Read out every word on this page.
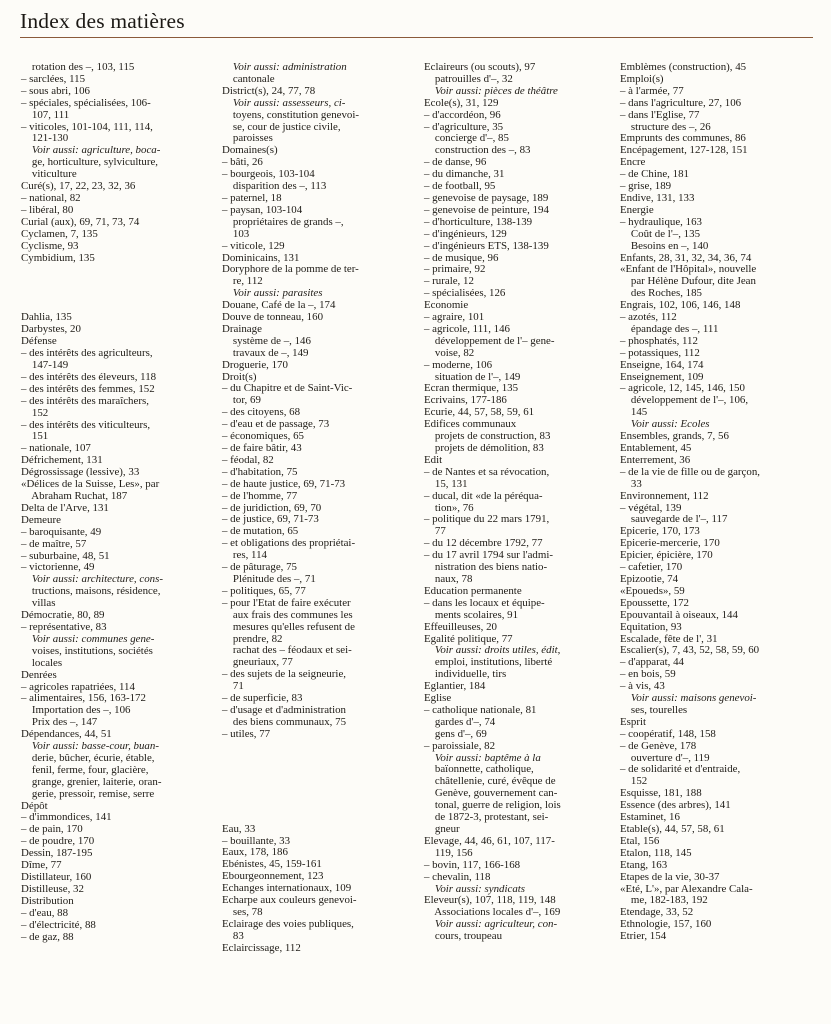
Index des matières
rotation des –, 103, 115
– sarclées, 115
– sous abri, 106
– spéciales, spécialisées, 106-
107, 111
– viticoles, 101-104, 111, 114,
121-130
Voir aussi: agriculture, boca-
ge, horticulture, sylviculture,
viticulture
Curé(s), 17, 22, 23, 32, 36
– national, 82
– libéral, 80
Curial (aux), 69, 71, 73, 74
Cyclamen, 7, 135
Cyclisme, 93
Cymbidium, 135
Dahlia, 135
Darbystes, 20
Défense
– des intérêts des agriculteurs,
147-149
– des intérêts des éleveurs, 118
– des intérêts des femmes, 152
– des intérêts des maraîchers,
152
– des intérêts des viticulteurs,
151
– nationale, 107
Défrichement, 131
Dégrossissage (lessive), 33
«Délices de la Suisse, Les», par
Abraham Ruchat, 187
Delta de l'Arve, 131
Demeure
– baroquisante, 49
– de maître, 57
– suburbaine, 48, 51
– victorienne, 49
Voir aussi: architecture, cons-
tructions, maisons, résidence,
villas
Démocratie, 80, 89
– représentative, 83
Voir aussi: communes gene-
voises, institutions, sociétés
locales
Denrées
– agricoles rapatriées, 114
– alimentaires, 156, 163-172
Importation des –, 106
Prix des –, 147
Dépendances, 44, 51
Voir aussi: basse-cour, buan-
derie, bûcher, écurie, étable,
fenil, ferme, four, glacière,
grange, grenier, laiterie, oran-
gerie, pressoir, remise, serre
Dépôt
– d'immondices, 141
– de pain, 170
– de poudre, 170
Dessin, 187-195
Dîme, 77
Distillateur, 160
Distilleuse, 32
Distribution
– d'eau, 88
– d'électricité, 88
– de gaz, 88
Voir aussi: administration
cantonale
District(s), 24, 77, 78
Voir aussi: assesseurs, ci-
toyens, constitution genevoi-
se, cour de justice civile,
paroisses
Domaines(s)
– bâti, 26
– bourgeois, 103-104
disparition des –, 113
– paternel, 18
– paysan, 103-104
propriétaires de grands –,
103
– viticole, 129
Dominicains, 131
Doryphore de la pomme de ter-
re, 112
Voir aussi: parasites
Douane, Café de la –, 174
Douve de tonneau, 160
Drainage
système de –, 146
travaux de –, 149
Droguerie, 170
Droit(s)
– du Chapitre et de Saint-Vic-
tor, 69
– des citoyens, 68
– d'eau et de passage, 73
– économiques, 65
– de faire bâtir, 43
– féodal, 82
– d'habitation, 75
– de haute justice, 69, 71-73
– de l'homme, 77
– de juridiction, 69, 70
– de justice, 69, 71-73
– de mutation, 65
– et obligations des propriétai-
res, 114
– de pâturage, 75
Plénitude des –, 71
– politiques, 65, 77
– pour l'Etat de faire exécuter
aux frais des communes les
mesures qu'elles refusent de
prendre, 82
rachat des – féodaux et sei-
gneuriaux, 77
– des sujets de la seigneurie,
71
– de superficie, 83
– d'usage et d'administration
des biens communaux, 75
– utiles, 77
Eau, 33
– bouillante, 33
Eaux, 178, 186
Ebénistes, 45, 159-161
Ebourgeonnement, 123
Echanges internationaux, 109
Echarpe aux couleurs genevoi-
ses, 78
Eclairage des voies publiques,
83
Eclaircissage, 112
Eclaireurs (ou scouts), 97
patrouilles d'–, 32
Voir aussi: pièces de théâtre
Ecole(s), 31, 129
– d'accordéon, 96
– d'agriculture, 35
concierge d'–, 85
construction des –, 83
– de danse, 96
– du dimanche, 31
– de football, 95
– genevoise de paysage, 189
– genevoise de peinture, 194
– d'horticulture, 138-139
– d'ingénieurs, 129
– d'ingénieurs ETS, 138-139
– de musique, 96
– primaire, 92
– rurale, 12
– spécialisées, 126
Economie
– agraire, 101
– agricole, 111, 146
développement de l'– gene-
voise, 82
– moderne, 106
situation de l'–, 149
Ecran thermique, 135
Ecrivains, 177-186
Ecurie, 44, 57, 58, 59, 61
Edifices communaux
projets de construction, 83
projets de démolition, 83
Edit
– de Nantes et sa révocation,
15, 131
– ducal, dit «de la péréqua-
tion», 76
– politique du 22 mars 1791,
77
– du 12 décembre 1792, 77
– du 17 avril 1794 sur l'admi-
nistration des biens natio-
naux, 78
Education permanente
– dans les locaux et équipe-
ments scolaires, 91
Effeuilleuses, 20
Egalité politique, 77
Voir aussi: droits utiles, édit,
emploi, institutions, liberté
individuelle, tirs
Eglantier, 184
Eglise
– catholique nationale, 81
gardes d'–, 74
gens d'–, 69
– paroissiale, 82
Voir aussi: baptême à la
baïonnette, catholique,
châtellenie, curé, évêque de
Genève, gouvernement can-
tonal, guerre de religion, lois
de 1872-3, protestant, sei-
gneur
Elevage, 44, 46, 61, 107, 117-
119, 156
– bovin, 117, 166-168
– chevalin, 118
Voir aussi: syndicats
Eleveur(s), 107, 118, 119, 148
Associations locales d'–, 169
Voir aussi: agriculteur, con-
cours, troupeau
Emblèmes (construction), 45
Emploi(s)
– à l'armée, 77
– dans l'agriculture, 27, 106
– dans l'Eglise, 77
structure des –, 26
Emprunts des communes, 86
Encépagement, 127-128, 151
Encre
– de Chine, 181
– grise, 189
Endive, 131, 133
Energie
– hydraulique, 163
Coût de l'–, 135
Besoins en –, 140
Enfants, 28, 31, 32, 34, 36, 74
«Enfant de l'Hôpital», nouvelle
par Hélène Dufour, dite Jean
des Roches, 185
Engrais, 102, 106, 146, 148
– azotés, 112
épandage des –, 111
– phosphatés, 112
– potassiques, 112
Enseigne, 164, 174
Enseignement, 109
– agricole, 12, 145, 146, 150
développement de l'–, 106,
145
Voir aussi: Ecoles
Ensembles, grands, 7, 56
Entablement, 45
Enterrement, 36
– de la vie de fille ou de garçon,
33
Environnement, 112
– végétal, 139
sauvegarde de l'–, 117
Epicerie, 170, 173
Epicerie-mercerie, 170
Epicier, épicière, 170
– cafetier, 170
Epizootie, 74
«Epoueds», 59
Epoussette, 172
Epouvantail à oiseaux, 144
Equitation, 93
Escalade, fête de l', 31
Escalier(s), 7, 43, 52, 58, 59, 60
– d'apparat, 44
– en bois, 59
– à vis, 43
Voir aussi: maisons genevoi-
ses, tourelles
Esprit
– coopératif, 148, 158
– de Genève, 178
ouverture d'–, 119
– de solidarité et d'entraide,
152
Esquisse, 181, 188
Essence (des arbres), 141
Estaminet, 16
Etable(s), 44, 57, 58, 61
Etal, 156
Etalon, 118, 145
Etang, 163
Etapes de la vie, 30-37
«Eté, L'», par Alexandre Cala-
me, 182-183, 192
Etendage, 33, 52
Ethnologie, 157, 160
Etrier, 154
